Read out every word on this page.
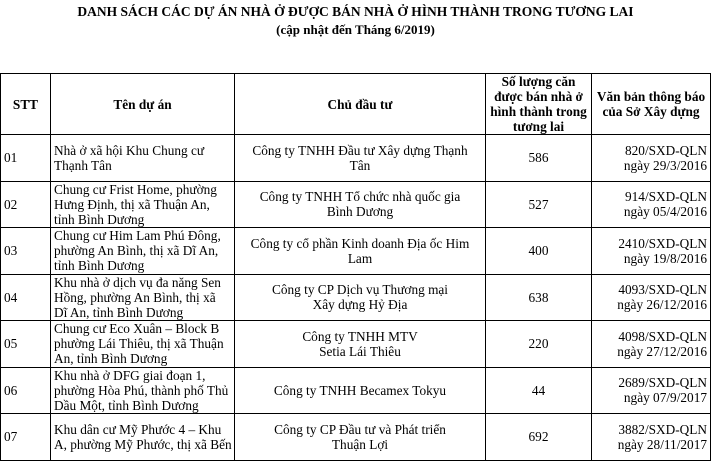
DANH SÁCH CÁC DỰ ÁN NHÀ Ở ĐƯỢC BÁN NHÀ Ở HÌNH THÀNH TRONG TƯƠNG LAI
(cập nhật đến Tháng 6/2019)
STT	Tên dự án	Chủ đầu tư	Số lượng căn được bán nhà ở hình thành trong tương lai	Văn bản thông báo của Sở Xây dựng
01	Nhà ở xã hội Khu Chung cư
Thạnh Tân	Công ty TNHH Đầu tư Xây dựng Thạnh
Tân	586	820/SXD-QLN
ngày 29/3/2016

02	Chung cư Frist Home, phường
Hưng Định, thị xã Thuận An,
tỉnh Bình Dương	Công ty TNHH Tổ chức nhà quốc gia
Bình Dương	527	914/SXD-QLN
ngày 05/4/2016

03	Chung cư Him Lam Phú Đông,
phường An Bình, thị xã Dĩ An,
tỉnh Bình Dương	Công ty cổ phần Kinh doanh Địa ốc Him
Lam	400	2410/SXD-QLN
ngày 19/8/2016

04	Khu nhà ở dịch vụ đa năng Sen
Hồng, phường An Bình, thị xã
Dĩ An, tỉnh Bình Dương	Công ty CP Dịch vụ Thương mại
Xây dựng Hỷ Địa	638	4093/SXD-QLN
ngày 26/12/2016

05	Chung cư Eco Xuân – Block B
phường Lái Thiêu, thị xã Thuận
An, tỉnh Bình Dương	Công ty TNHH MTV
Setia Lái Thiêu	220	4098/SXD-QLN
ngày 27/12/2016

06	Khu nhà ở DFG giai đoạn 1,
phường Hòa Phú, thành phố Thủ
Dầu Một, tỉnh Bình Dương	Công ty TNHH Becamex Tokyu	44	2689/SXD-QLN
ngày 07/9/2017

07	Khu dân cư Mỹ Phước 4 – Khu
A, phường Mỹ Phước, thị xã Bến	Công ty CP Đầu tư và Phát triển
Thuận Lợi	692	3882/SXD-QLN
ngày 28/11/2017
